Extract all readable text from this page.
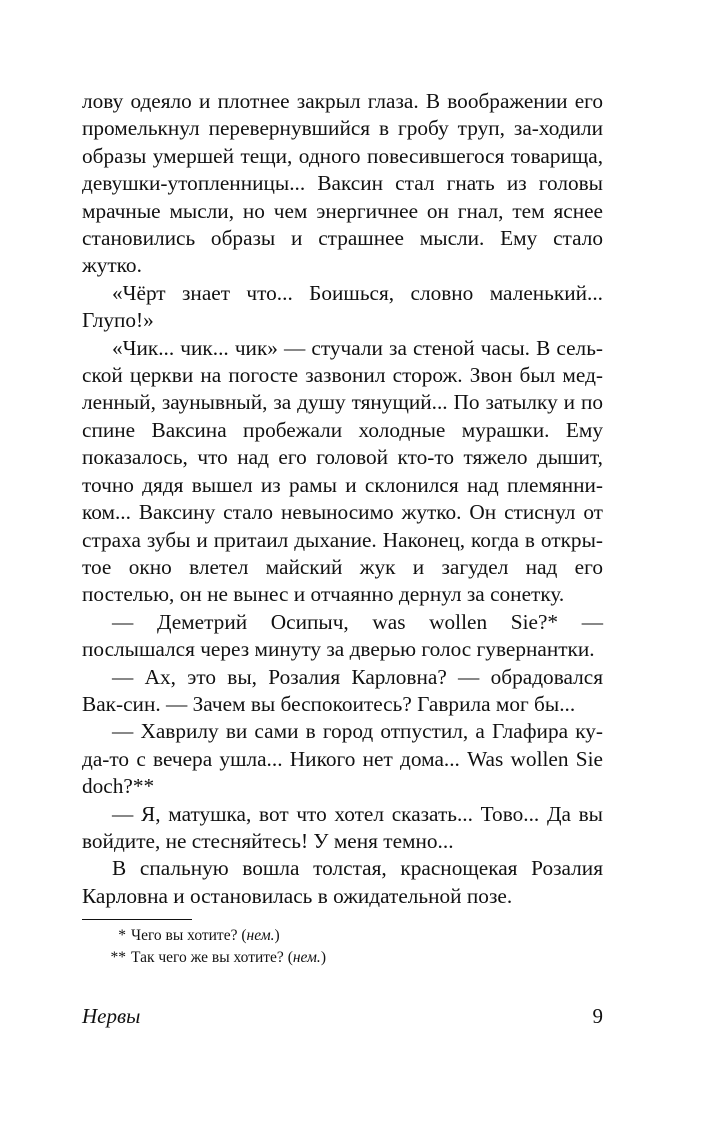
лову одеяло и плотнее закрыл глаза. В воображении его промелькнул перевернувшийся в гробу труп, за-ходили образы умершей тещи, одного повесившегося товарища, девушки-утопленницы... Ваксин стал гнать из головы мрачные мысли, но чем энергичнее он гнал, тем яснее становились образы и страшнее мысли. Ему стало жутко.

«Чёрт знает что... Боишься, словно маленький... Глупо!»

«Чик... чик... чик» — стучали за стеной часы. В сель-ской церкви на погосте зазвонил сторож. Звон был мед-ленный, заунывный, за душу тянущий... По затылку и по спине Ваксина пробежали холодные мурашки. Ему показалось, что над его головой кто-то тяжело дышит, точно дядя вышел из рамы и склонился над племянни-ком... Ваксину стало невыносимо жутко. Он стиснул от страха зубы и притаил дыхание. Наконец, когда в откры-тое окно влетел майский жук и загудел над его постелью, он не вынес и отчаянно дернул за сонетку.

— Деметрий Осипыч, was wollen Sie?* — послышался через минуту за дверью голос гувернантки.

— Ах, это вы, Розалия Карловна? — обрадовался Вак-син. — Зачем вы беспокоитесь? Гаврила мог бы...

— Хаврилу ви сами в город отпустил, а Глафира ку-да-то с вечера ушла... Никого нет дома... Was wollen Sie doch?**

— Я, матушка, вот что хотел сказать... Тово... Да вы войдите, не стесняйтесь! У меня темно...

В спальную вошла толстая, краснощекая Розалия Карловна и остановилась в ожидательной позе.

* Чего вы хотите? (нем.)
** Так чего же вы хотите? (нем.)
Нервы	9
